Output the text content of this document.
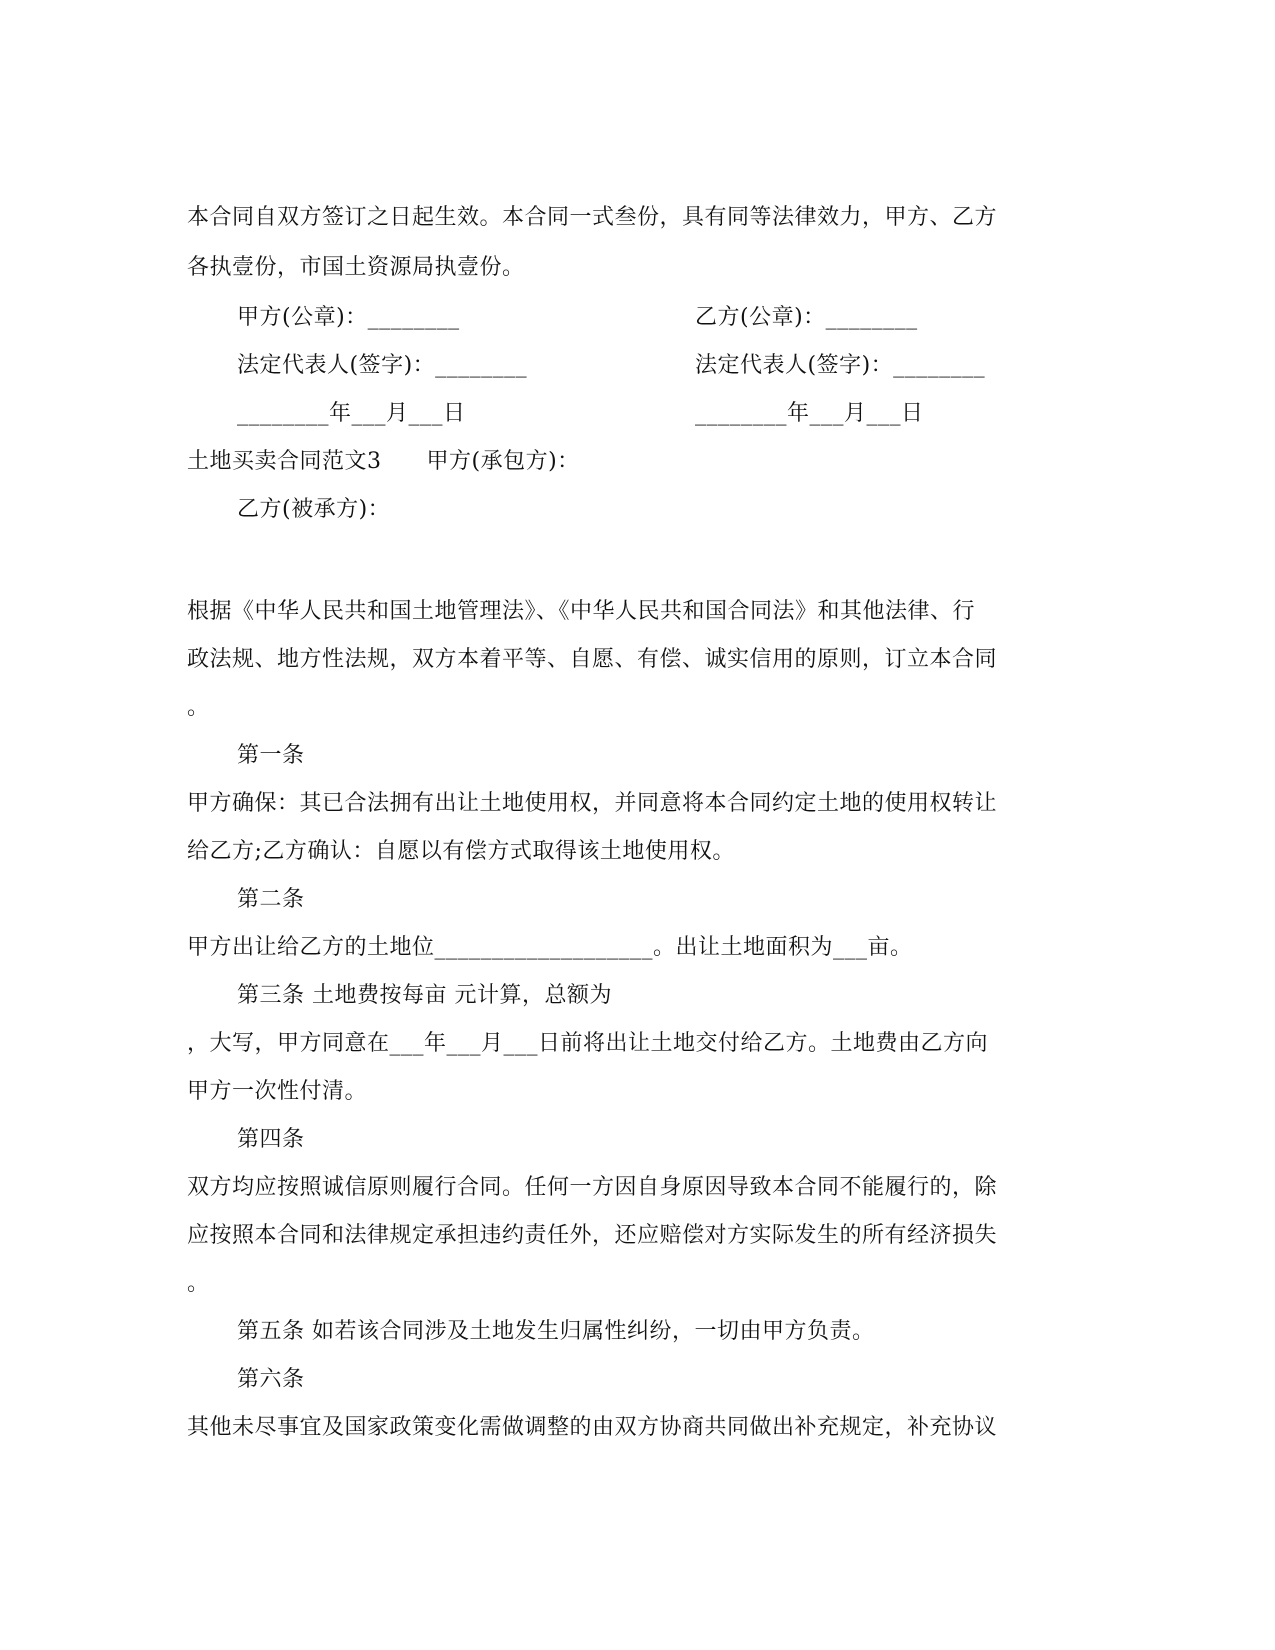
本合同自双方签订之日起生效。本合同一式叁份，具有同等法律效力，甲方、乙方
各执壹份，市国土资源局执壹份。
甲方(公章)：________	乙方(公章)：________
法定代表人(签字)：________	法定代表人(签字)：________
________年___月___日	________年___月___日
土地买卖合同范文3　　甲方(承包方)：
乙方(被承方)：
根据《中华人民共和国土地管理法》、《中华人民共和国合同法》和其他法律、行
政法规、地方性法规，双方本着平等、自愿、有偿、诚实信用的原则，订立本合同
。
第一条
甲方确保：其已合法拥有出让土地使用权，并同意将本合同约定土地的使用权转让
给乙方;乙方确认：自愿以有偿方式取得该土地使用权。
第二条
甲方出让给乙方的土地位___________________。出让土地面积为___亩。
第三条 土地费按每亩 元计算，总额为
，大写，甲方同意在___年___月___日前将出让土地交付给乙方。土地费由乙方向
甲方一次性付清。
第四条
双方均应按照诚信原则履行合同。任何一方因自身原因导致本合同不能履行的，除
应按照本合同和法律规定承担违约责任外，还应赔偿对方实际发生的所有经济损失
。
第五条 如若该合同涉及土地发生归属性纠纷，一切由甲方负责。
第六条
其他未尽事宜及国家政策变化需做调整的由双方协商共同做出补充规定，补充协议
